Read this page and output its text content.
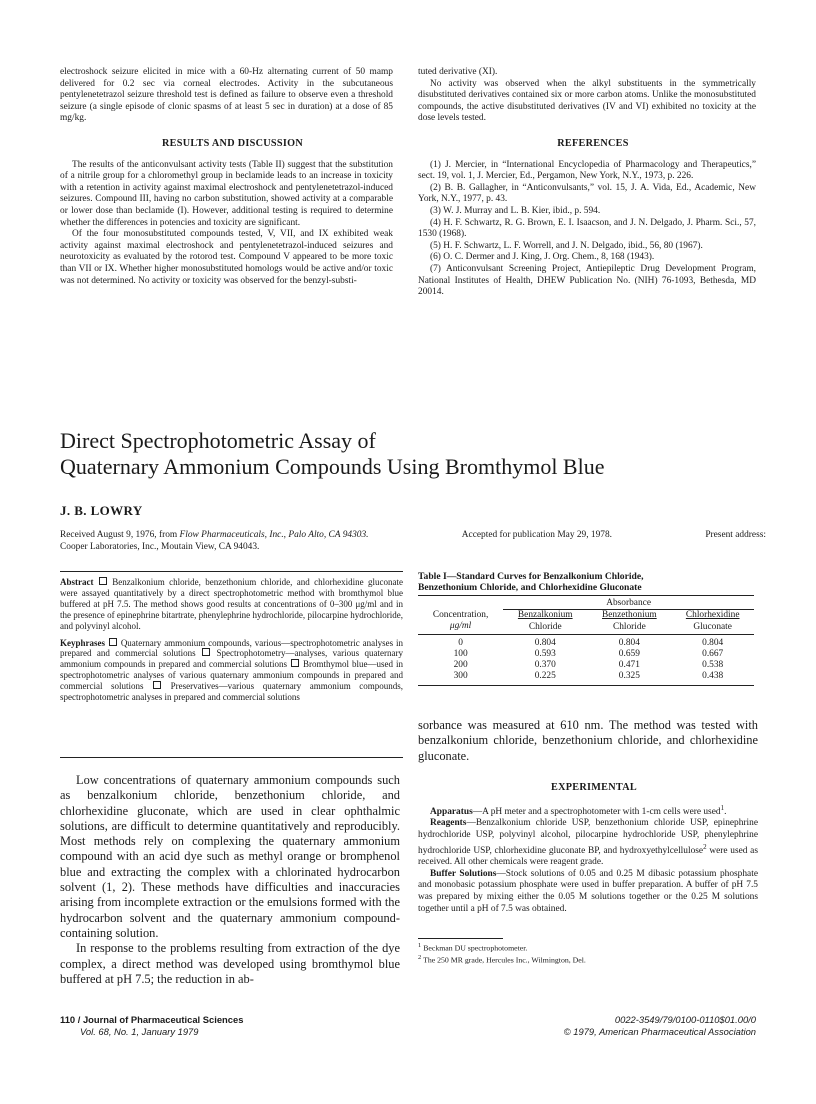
electroshock seizure elicited in mice with a 60-Hz alternating current of 50 mamp delivered for 0.2 sec via corneal electrodes. Activity in the subcutaneous pentylenetetrazol seizure threshold test is defined as failure to observe even a threshold seizure (a single episode of clonic spasms of at least 5 sec in duration) at a dose of 85 mg/kg.

RESULTS AND DISCUSSION

The results of the anticonvulsant activity tests (Table II) suggest that the substitution of a nitrile group for a chloromethyl group in beclamide leads to an increase in toxicity with a retention in activity against maximal electroshock and pentylenetetrazol-induced seizures. Compound III, having no carbon substitution, showed activity at a comparable or lower dose than beclamide (I). However, additional testing is required to determine whether the differences in potencies and toxicity are significant.

Of the four monosubstituted compounds tested, V, VII, and IX exhibited weak activity against maximal electroshock and pentylenetetrazol-induced seizures and neurotoxicity as evaluated by the rotorod test. Compound V appeared to be more toxic than VII or IX. Whether higher monosubstituted homologs would be active and/or toxic was not determined. No activity or toxicity was observed for the benzyl-substi-

tuted derivative (XI).

No activity was observed when the alkyl substituents in the symmetrically disubstituted derivatives contained six or more carbon atoms. Unlike the monosubstituted compounds, the active disubstituted derivatives (IV and VI) exhibited no toxicity at the dose levels tested.

REFERENCES

(1) J. Mercier, in “International Encyclopedia of Pharmacology and Therapeutics,” sect. 19, vol. 1, J. Mercier, Ed., Pergamon, New York, N.Y., 1973, p. 226.

(2) B. B. Gallagher, in “Anticonvulsants,” vol. 15, J. A. Vida, Ed., Academic, New York, N.Y., 1977, p. 43.

(3) W. J. Murray and L. B. Kier, ibid., p. 594.

(4) H. F. Schwartz, R. G. Brown, E. I. Isaacson, and J. N. Delgado, J. Pharm. Sci., 57, 1530 (1968).

(5) H. F. Schwartz, L. F. Worrell, and J. N. Delgado, ibid., 56, 80 (1967).

(6) O. C. Dermer and J. King, J. Org. Chem., 8, 168 (1943).

(7) Anticonvulsant Screening Project, Antiepileptic Drug Development Program, National Institutes of Health, DHEW Publication No. (NIH) 76-1093, Bethesda, MD 20014.

Direct Spectrophotometric Assay of
Quaternary Ammonium Compounds Using Bromthymol Blue
J. B. LOWRY
Received August 9, 1976, from Flow Pharmaceuticals, Inc., Palo Alto, CA 94303.	Accepted for publication May 29, 1978.	Present address:
Cooper Laboratories, Inc., Moutain View, CA 94043.

Abstract Benzalkonium chloride, benzethonium chloride, and chlorhexidine gluconate were assayed quantitatively by a direct spectrophotometric method with bromthymol blue buffered at pH 7.5. The method shows good results at concentrations of 0–300 μg/ml and in the presence of epinephrine bitartrate, phenylephrine hydrochloride, pilocarpine hydrochloride, and polyvinyl alcohol.

Keyphrases Quaternary ammonium compounds, various—spectrophotometric analyses in prepared and commercial solutions Spectrophotometry—analyses, various quaternary ammonium compounds in prepared and commercial solutions Bromthymol blue—used in spectrophotometric analyses of various quaternary ammonium compounds in prepared and commercial solutions	Preservatives—various quaternary ammonium compounds, spectrophotometric analyses in prepared and commercial solutions

Low concentrations of quaternary ammonium compounds such as benzalkonium chloride, benzethonium chloride, and chlorhexidine gluconate, which are used in clear ophthalmic solutions, are difficult to determine quantitatively and reproducibly. Most methods rely on complexing the quaternary ammonium compound with an acid dye such as methyl orange or bromphenol blue and extracting the complex with a chlorinated hydrocarbon solvent (1, 2). These methods have difficulties and inaccuracies arising from incomplete extraction or the emulsions formed with the hydrocarbon solvent and the quaternary ammonium compound-containing solution.

In response to the problems resulting from extraction of the dye complex, a direct method was developed using bromthymol blue buffered at pH 7.5; the reduction in ab-

Table I—Standard Curves for Benzalkonium Chloride,
Benzethonium Chloride, and Chlorhexidine Gluconate
	Absorbance		
Concentration,	Benzalkonium	Benzethonium	Chlorhexidine
μg/ml	Chloride	Chloride	Gluconate
0	0.804	0.804	0.804
100	0.593	0.659	0.667
200	0.370	0.471	0.538
300	0.225	0.325	0.438
sorbance was measured at 610 nm. The method was tested with benzalkonium chloride, benzethonium chloride, and chlorhexidine gluconate.

EXPERIMENTAL

Apparatus—A pH meter and a spectrophotometer with 1-cm cells were used$^1$.

Reagents—Benzalkonium chloride USP, benzethonium chloride USP, epinephrine hydrochloride USP, polyvinyl alcohol, pilocarpine hydrochloride USP, phenylephrine hydrochloride USP, chlorhexidine gluconate BP, and hydroxyethylcellulose$^2$ were used as received. All other chemicals were reagent grade.

Buffer Solutions—Stock solutions of 0.05 and 0.25 M dibasic potassium phosphate and monobasic potassium phosphate were used in buffer preparation. A buffer of pH 7.5 was prepared by mixing either the 0.05 M solutions together or the 0.25 M solutions together until a pH of 7.5 was obtained.

$^1$ Beckman DU spectrophotometer.
$^2$ The 250 MR grade, Hercules Inc., Wilmington, Del.
110 / Journal of Pharmaceutical Sciences
Vol. 68, No. 1, January 1979
0022-3549/79/0100-0110$01.00/0
© 1979, American Pharmaceutical Association
